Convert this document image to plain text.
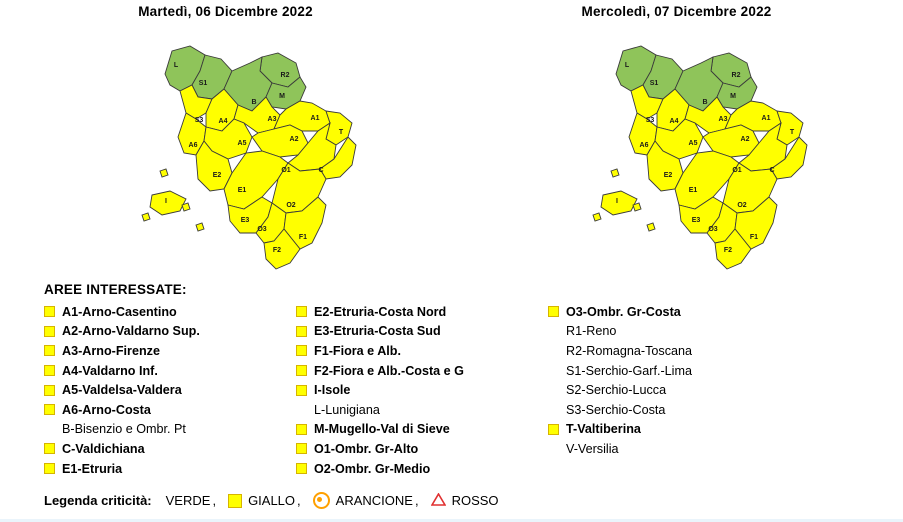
Martedì, 06 Dicembre 2022
L
S1
R2
B
M
S3 A4	A3	A1
A6	A5
A2
T
E2
O1	C
E1
O2
E3
O3
F1
F2
I
Mercoledì, 07 Dicembre 2022
L
S1
R2
B
M
S3 A4	A3	A1
A6	A5
A2
T
E2
O1	C
E1
O2
E3
O3
F1
F2
I
AREE INTERESSATE:
A1-Arno-Casentino
A2-Arno-Valdarno Sup.
A3-Arno-Firenze
A4-Valdarno Inf.
A5-Valdelsa-Valdera
A6-Arno-Costa
B-Bisenzio e Ombr. Pt
C-Valdichiana
E1-Etruria
E2-Etruria-Costa Nord
E3-Etruria-Costa Sud
F1-Fiora e Alb.
F2-Fiora e Alb.-Costa e G
I-Isole
L-Lunigiana
M-Mugello-Val di Sieve
O1-Ombr. Gr-Alto
O2-Ombr. Gr-Medio
O3-Ombr. Gr-Costa
R1-Reno
R2-Romagna-Toscana
S1-Serchio-Garf.-Lima
S2-Serchio-Lucca
S3-Serchio-Costa
T-Valtiberina
V-Versilia
Legenda criticità: VERDE , GIALLO ,	ARANCIONE ,	ROSSO
